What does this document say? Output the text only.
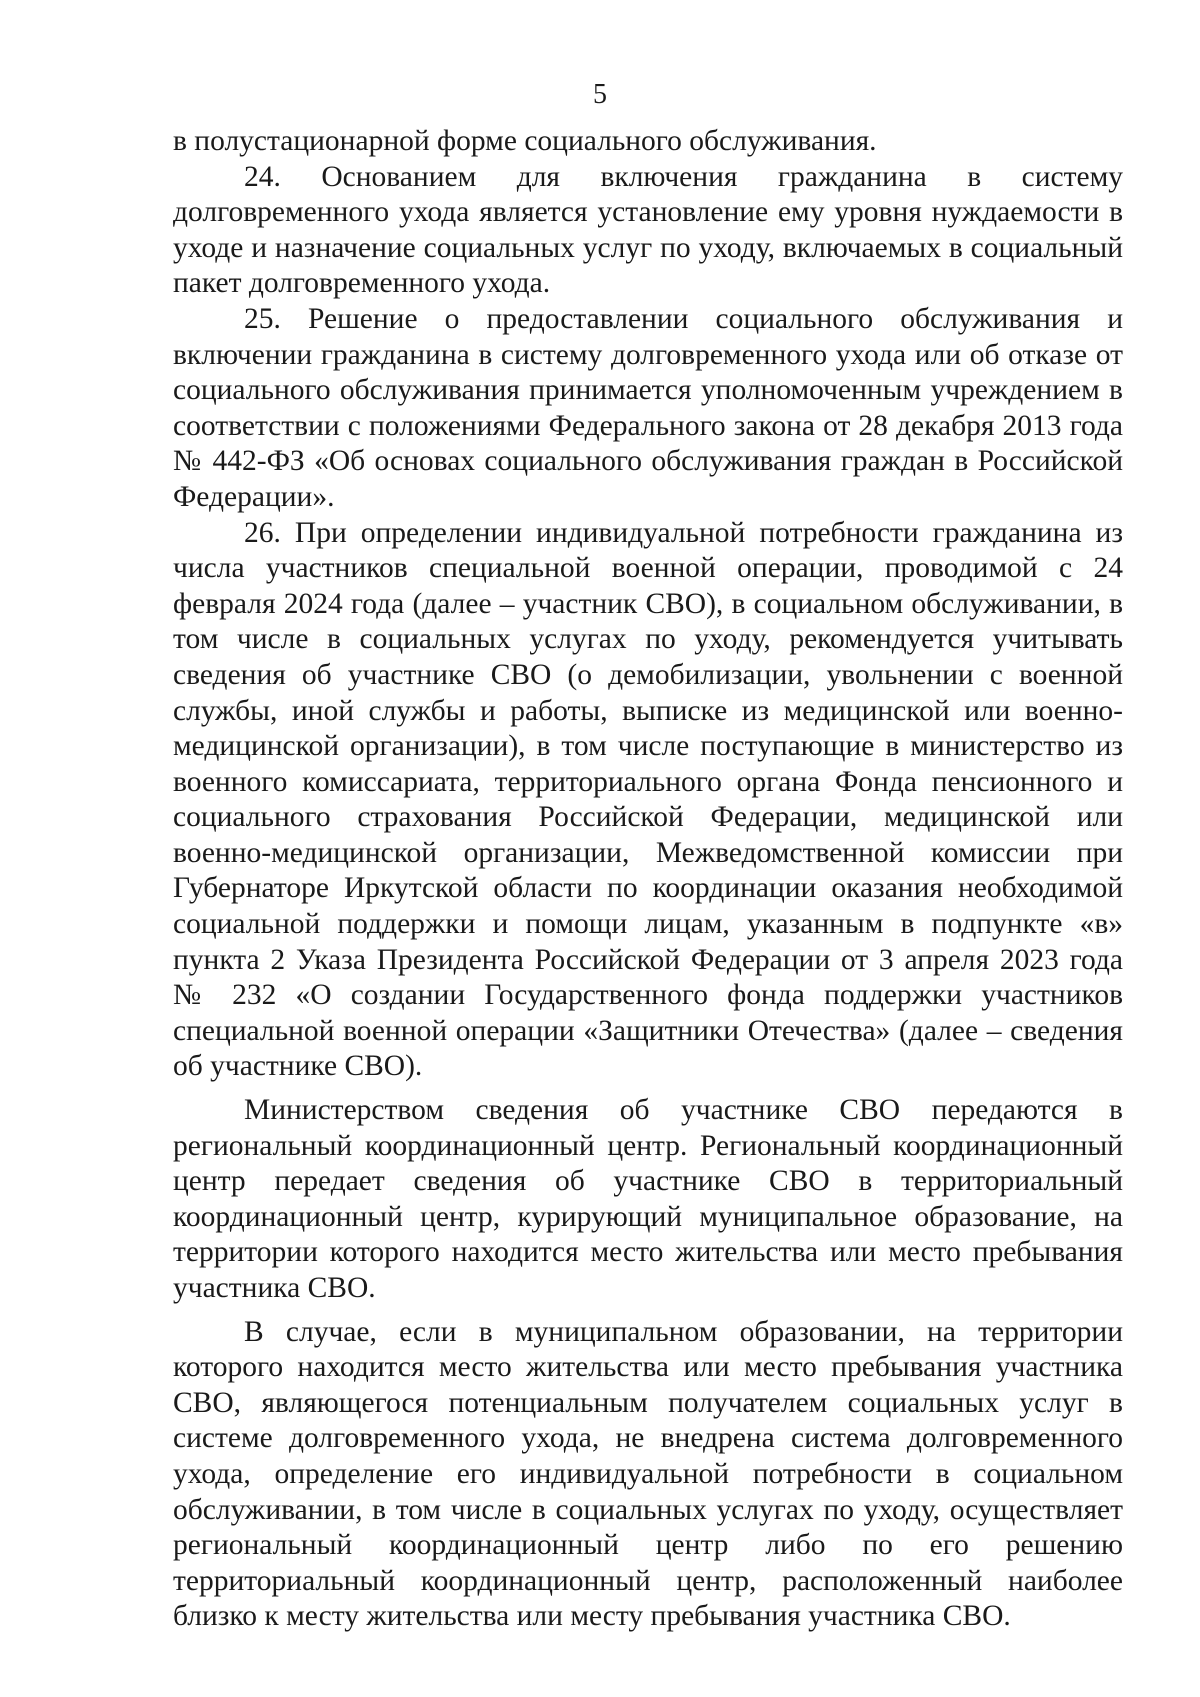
5

в полустационарной форме социального обслуживания.

24. Основанием для включения гражданина в систему долговременного ухода является установление ему уровня нуждаемости в уходе и назначение социальных услуг по уходу, включаемых в социальный пакет долговременного ухода.

25. Решение о предоставлении социального обслуживания и включении гражданина в систему долговременного ухода или об отказе от социального обслуживания принимается уполномоченным учреждением в соответствии с положениями Федерального закона от 28 декабря 2013 года № 442-ФЗ «Об основах социального обслуживания граждан в Российской Федерации».

26. При определении индивидуальной потребности гражданина из числа участников специальной военной операции, проводимой с 24 февраля 2024 года (далее – участник СВО), в социальном обслуживании, в том числе в социальных услугах по уходу, рекомендуется учитывать сведения об участнике СВО (о демобилизации, увольнении с военной службы, иной службы и работы, выписке из медицинской или военно-медицинской организации), в том числе поступающие в министерство из военного комиссариата, территориального органа Фонда пенсионного и социального страхования Российской Федерации, медицинской или военно-медицинской организации, Межведомственной комиссии при Губернаторе Иркутской области по координации оказания необходимой социальной поддержки и помощи лицам, указанным в подпункте «в» пункта 2 Указа Президента Российской Федерации от 3 апреля 2023 года № 232 «О создании Государственного фонда поддержки участников специальной военной операции «Защитники Отечества» (далее – сведения об участнике СВО).

Министерством сведения об участнике СВО передаются в региональный координационный центр. Региональный координационный центр передает сведения об участнике СВО в территориальный координационный центр, курирующий муниципальное образование, на территории которого находится место жительства или место пребывания участника СВО.

В случае, если в муниципальном образовании, на территории которого находится место жительства или место пребывания участника СВО, являющегося потенциальным получателем социальных услуг в системе долговременного ухода, не внедрена система долговременного ухода, определение его индивидуальной потребности в социальном обслуживании, в том числе в социальных услугах по уходу, осуществляет региональный координационный центр либо по его решению территориальный координационный центр, расположенный наиболее близко к месту жительства или месту пребывания участника СВО.
